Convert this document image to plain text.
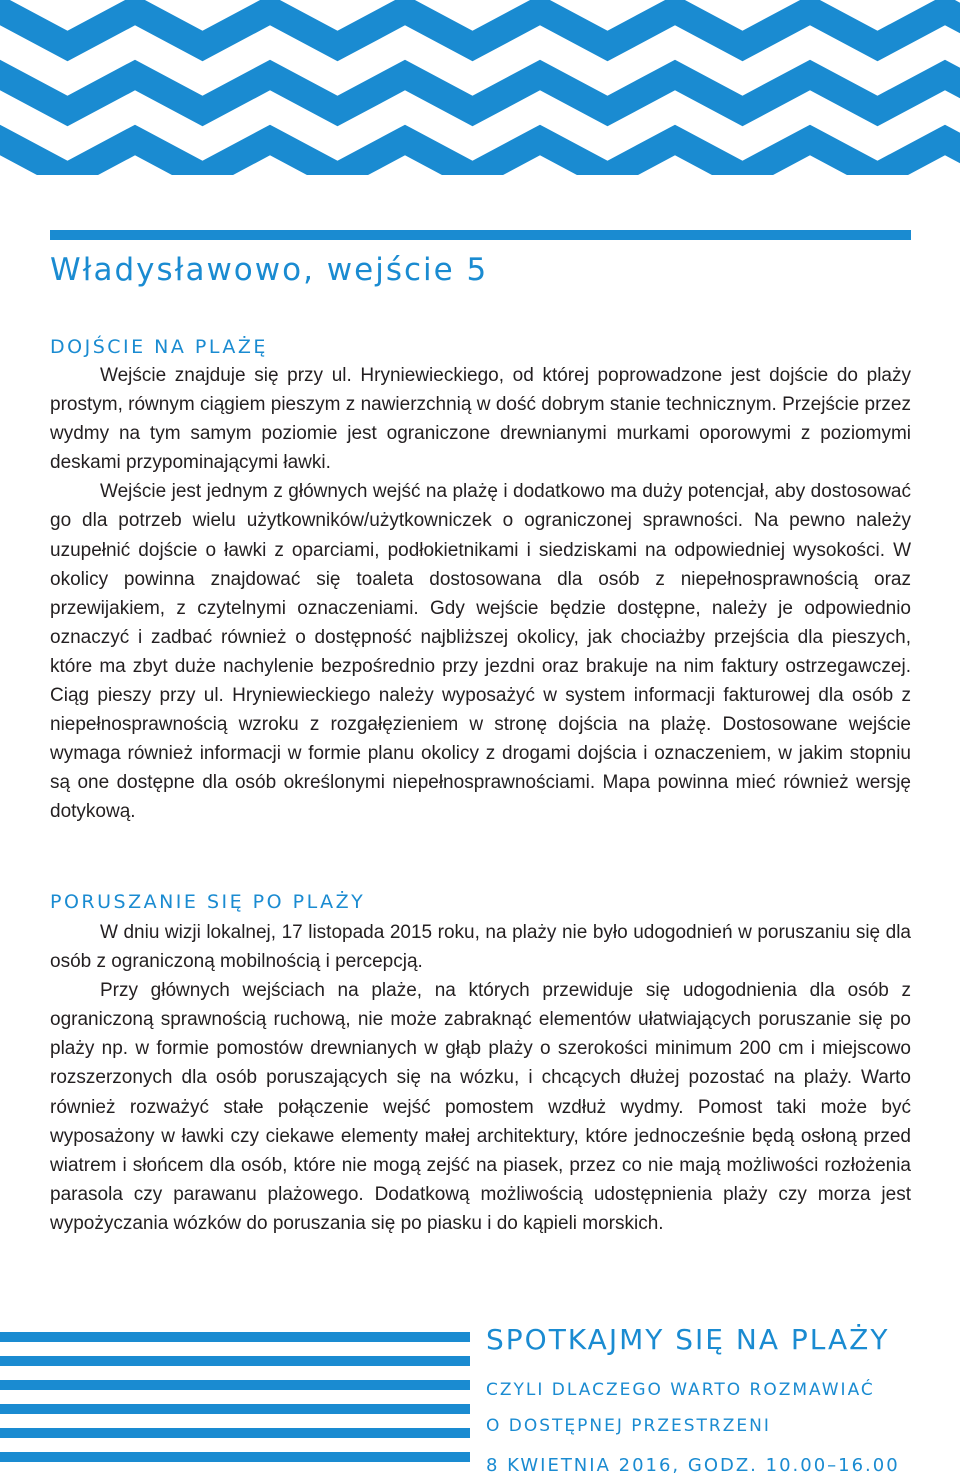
Władysławowo, wejście 5
DOJŚCIE NA PLAŻĘ

Wejście znajduje się przy ul. Hryniewieckiego, od której poprowadzone jest dojście do plaży prostym, równym ciągiem pieszym z nawierzchnią w dość dobrym stanie technicznym. Przejście przez wydmy na tym samym poziomie jest ograniczone drewnianymi murkami oporowymi z poziomymi deskami przypominającymi ławki.

Wejście jest jednym z głównych wejść na plażę i dodatkowo ma duży potencjał, aby dostosować go dla potrzeb wielu użytkowników/użytkowniczek o ograniczonej sprawności. Na pewno należy uzupełnić dojście o ławki z oparciami, podłokietnikami i siedziskami na odpowiedniej wysokości. W okolicy powinna znajdować się toaleta dostosowana dla osób z niepełnosprawnością oraz przewijakiem, z czytelnymi oznaczeniami. Gdy wejście będzie dostępne, należy je odpowiednio oznaczyć i zadbać również o dostępność najbliższej okolicy, jak chociażby przejścia dla pieszych, które ma zbyt duże nachylenie bezpośrednio przy jezdni oraz brakuje na nim faktury ostrzegawczej. Ciąg pieszy przy ul. Hryniewieckiego należy wyposażyć w system informacji fakturowej dla osób z niepełnosprawnością wzroku z rozgałęzieniem w stronę dojścia na plażę. Dostosowane wejście wymaga również informacji w formie planu okolicy z drogami dojścia i oznaczeniem, w jakim stopniu są one dostępne dla osób określonymi niepełnosprawnościami. Mapa powinna mieć również wersję dotykową.

PORUSZANIE SIĘ PO PLAŻY

W dniu wizji lokalnej, 17 listopada 2015 roku, na plaży nie było udogodnień w poruszaniu się dla osób z ograniczoną mobilnością i percepcją.

Przy głównych wejściach na plaże, na których przewiduje się udogodnienia dla osób z ograniczoną sprawnością ruchową, nie może zabraknąć elementów ułatwiających poruszanie się po plaży np. w formie pomostów drewnianych w głąb plaży o szerokości minimum 200 cm i miejscowo rozszerzonych dla osób poruszających się na wózku, i chcących dłużej pozostać na plaży. Warto również rozważyć stałe połączenie wejść pomostem wzdłuż wydmy. Pomost taki może być wyposażony w ławki czy ciekawe elementy małej architektury, które jednocześnie będą osłoną przed wiatrem i słońcem dla osób, które nie mogą zejść na piasek, przez co nie mają możliwości rozłożenia parasola czy parawanu plażowego. Dodatkową możliwością udostępnienia plaży czy morza jest wypożyczania wózków do poruszania się po piasku i do kąpieli morskich.

SPOTKAJMY SIĘ NA PLAŻY
CZYLI DLACZEGO WARTO ROZMAWIAĆ
O DOSTĘPNEJ PRZESTRZENI
8 KWIETNIA 2016, GODZ. 10.00–16.00
